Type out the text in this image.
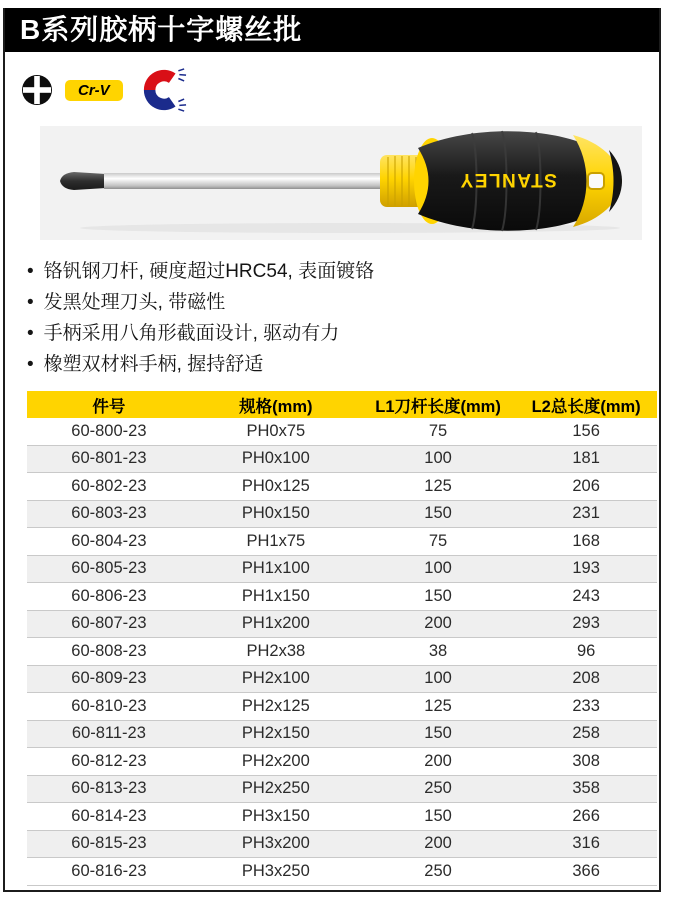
B系列胶柄十字螺丝批
Cr-V
STANLEY
• 铬钒钢刀杆, 硬度超过HRC54, 表面镀铬
• 发黑处理刀头, 带磁性
• 手柄采用八角形截面设计, 驱动有力
• 橡塑双材料手柄, 握持舒适
件号	规格(mm)	L1刀杆长度(mm)	L2总长度(mm)
60-800-23	PH0x75	75	156
60-801-23	PH0x100	100	181
60-802-23	PH0x125	125	206
60-803-23	PH0x150	150	231
60-804-23	PH1x75	75	168
60-805-23	PH1x100	100	193
60-806-23	PH1x150	150	243
60-807-23	PH1x200	200	293
60-808-23	PH2x38	38	96
60-809-23	PH2x100	100	208
60-810-23	PH2x125	125	233
60-811-23	PH2x150	150	258
60-812-23	PH2x200	200	308
60-813-23	PH2x250	250	358
60-814-23	PH3x150	150	266
60-815-23	PH3x200	200	316
60-816-23	PH3x250	250	366
